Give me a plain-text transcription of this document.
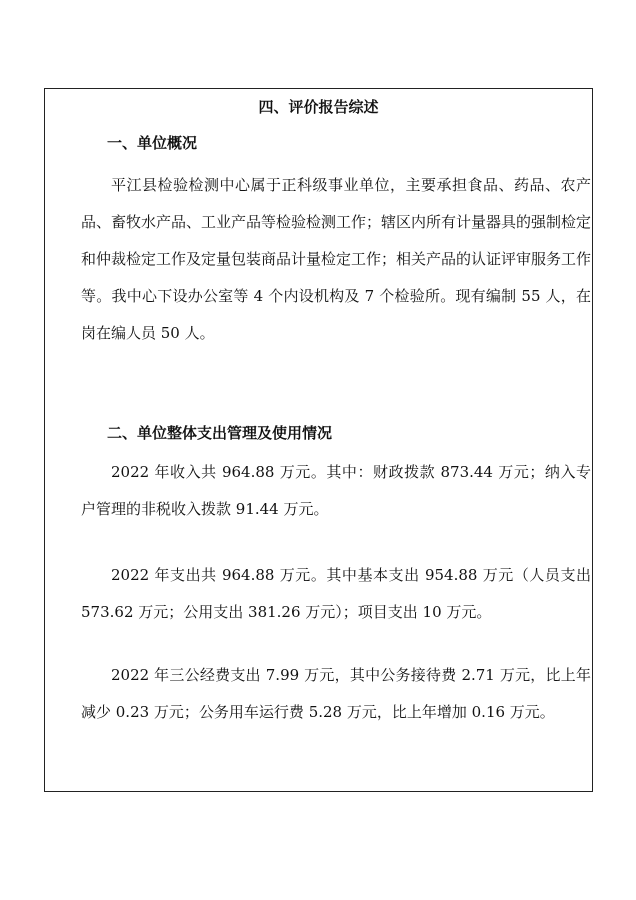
四、评价报告综述
一、单位概况

平江县检验检测中心属于正科级事业单位，主要承担食品、药品、农产品、畜牧水产品、工业产品等检验检测工作；辖区内所有计量器具的强制检定和仲裁检定工作及定量包装商品计量检定工作；相关产品的认证评审服务工作等。我中心下设办公室等 4 个内设机构及 7 个检验所。现有编制 55 人，在岗在编人员 50 人。

二、单位整体支出管理及使用情况

2022 年收入共 964.88 万元。其中：财政拨款 873.44 万元；纳入专户管理的非税收入拨款 91.44 万元。

2022 年支出共 964.88 万元。其中基本支出 954.88 万元（人员支出 573.62 万元；公用支出 381.26 万元）；项目支出 10 万元。

2022 年三公经费支出 7.99 万元，其中公务接待费 2.71 万元，比上年减少 0.23 万元；公务用车运行费 5.28 万元，比上年增加 0.16 万元。
